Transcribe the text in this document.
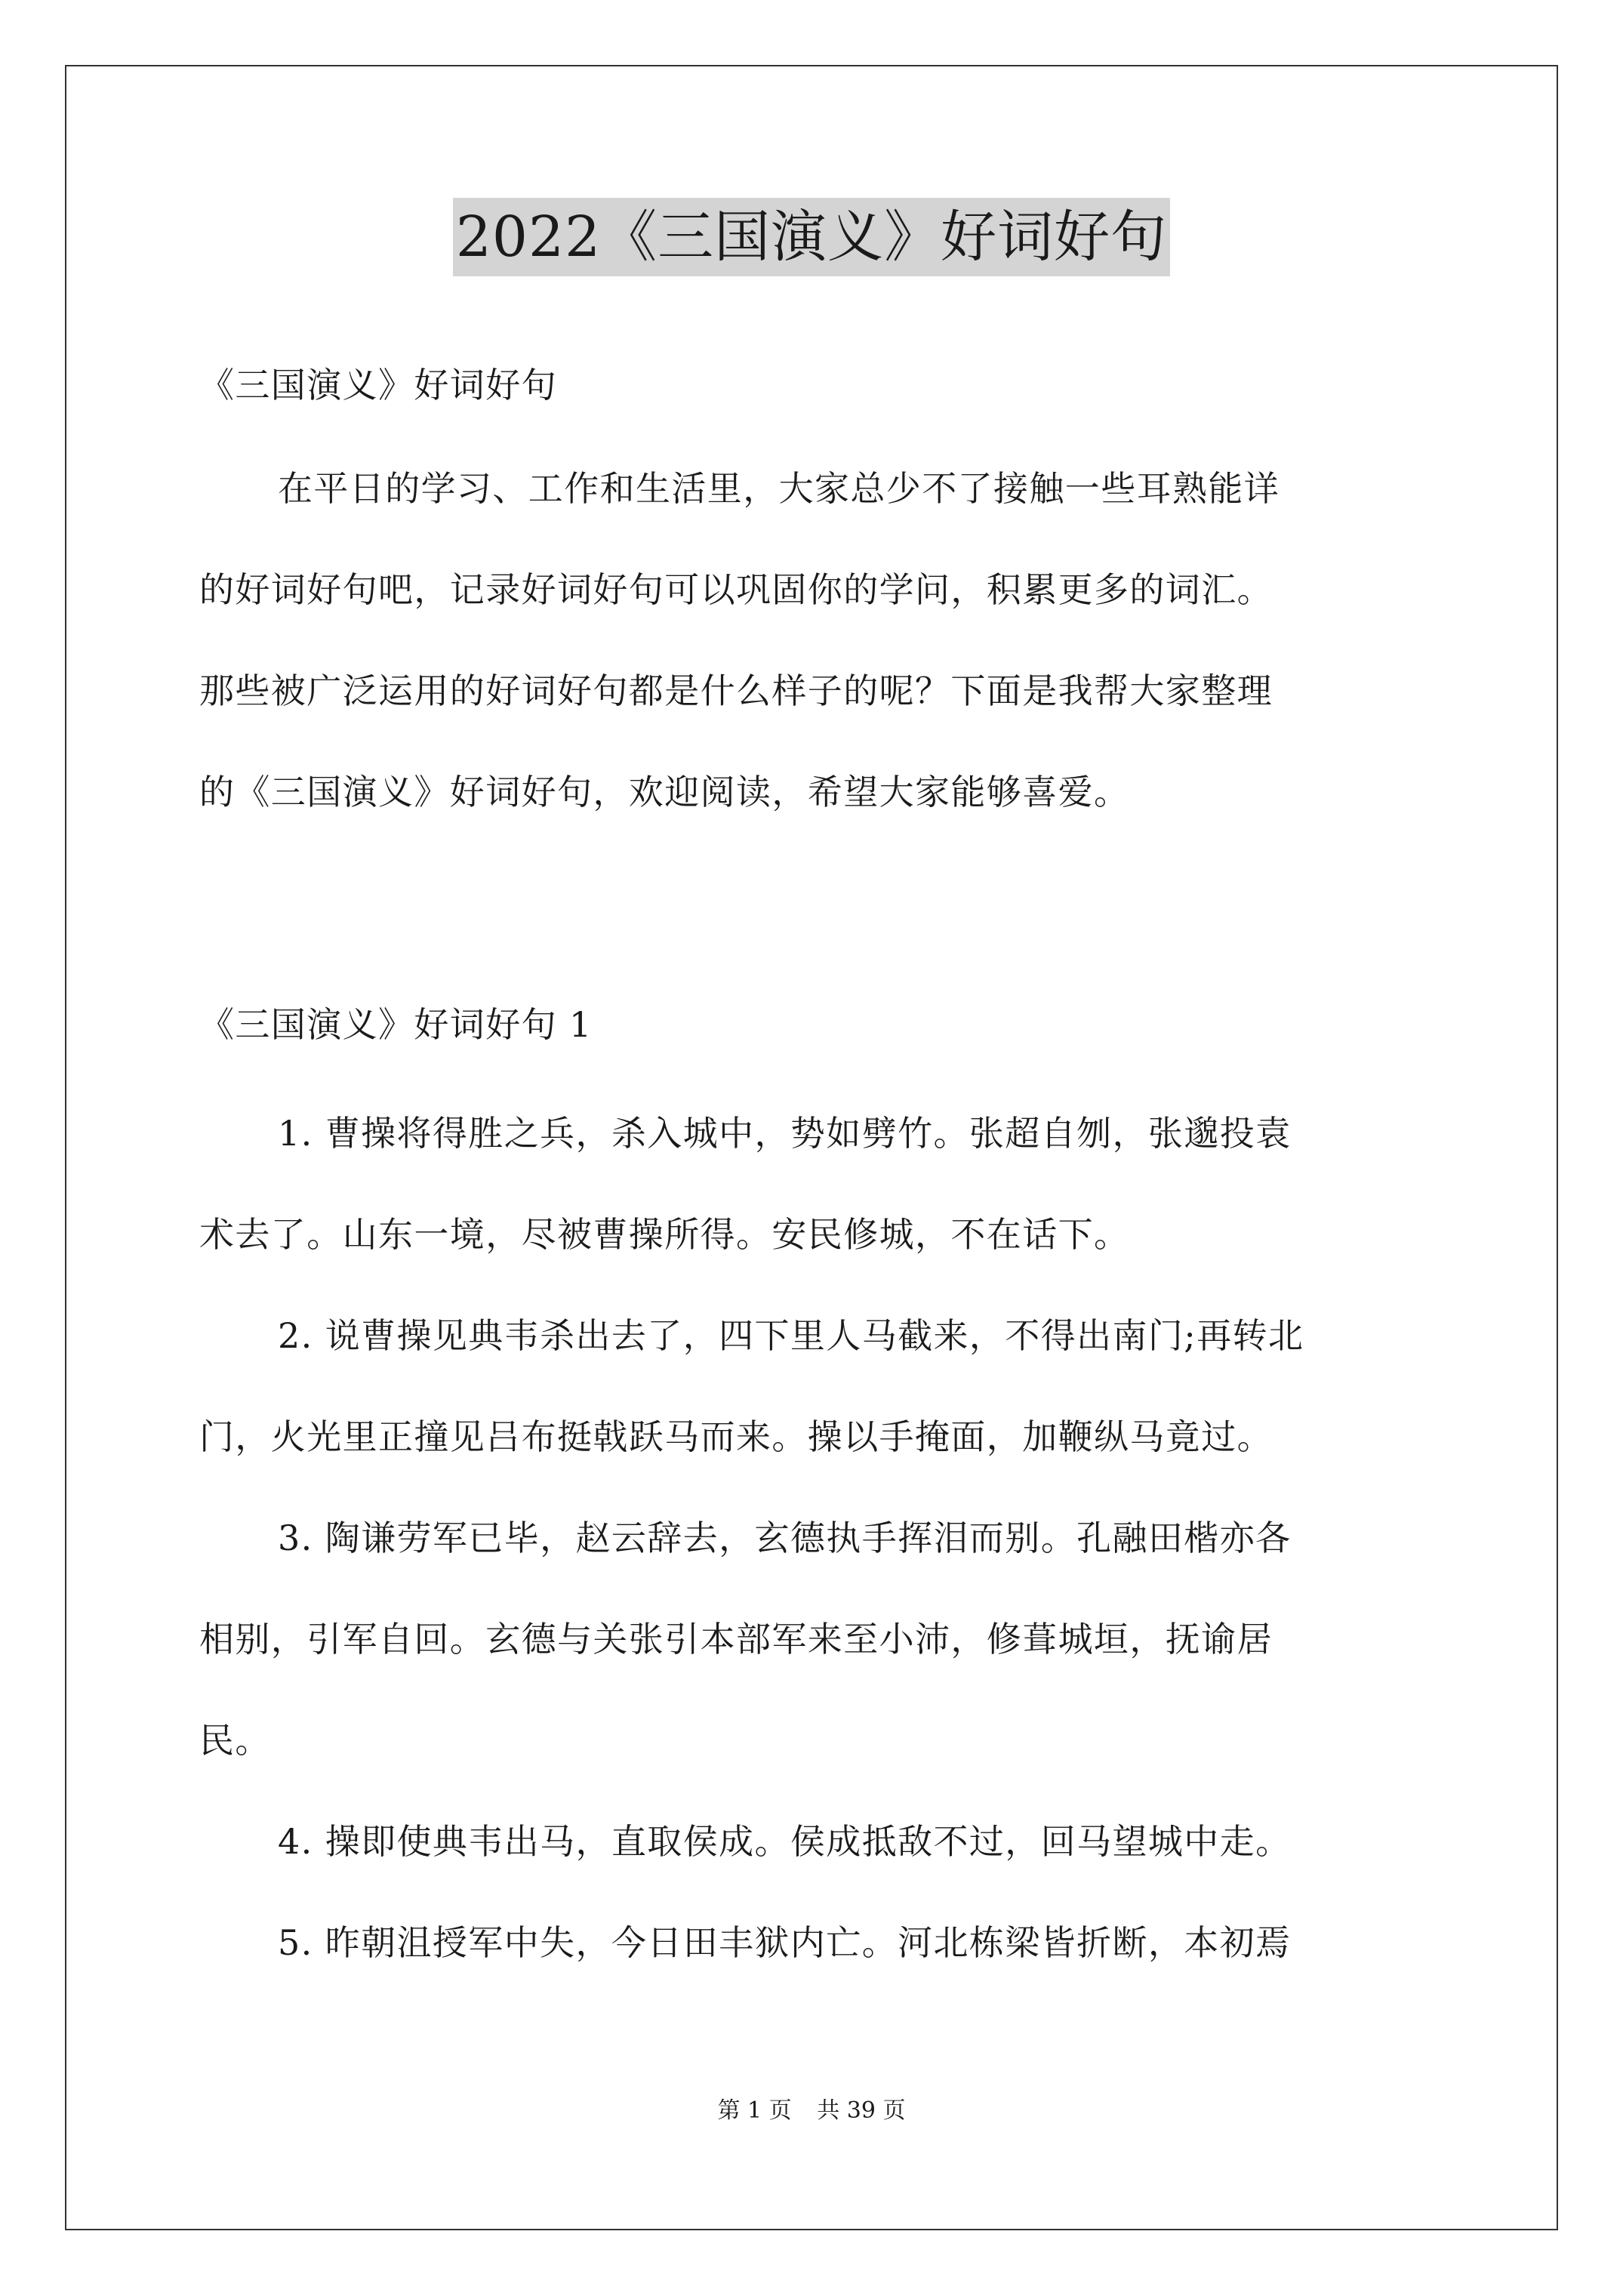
2022《三国演义》好词好句
《三国演义》好词好句
在平日的学习、工作和生活里，大家总少不了接触一些耳熟能详
的好词好句吧，记录好词好句可以巩固你的学问，积累更多的词汇。
那些被广泛运用的好词好句都是什么样子的呢？下面是我帮大家整理
的《三国演义》好词好句，欢迎阅读，希望大家能够喜爱。
《三国演义》好词好句 1
1. 曹操将得胜之兵，杀入城中，势如劈竹。张超自刎，张邈投袁
术去了。山东一境，尽被曹操所得。安民修城，不在话下。
2. 说曹操见典韦杀出去了，四下里人马截来，不得出南门;再转北
门，火光里正撞见吕布挺戟跃马而来。操以手掩面，加鞭纵马竟过。
3. 陶谦劳军已毕，赵云辞去，玄德执手挥泪而别。孔融田楷亦各
相别，引军自回。玄德与关张引本部军来至小沛，修葺城垣，抚谕居
民。
4. 操即使典韦出马，直取侯成。侯成抵敌不过，回马望城中走。
5. 昨朝沮授军中失，今日田丰狱内亡。河北栋梁皆折断，本初焉
第 1 页 共 39 页
